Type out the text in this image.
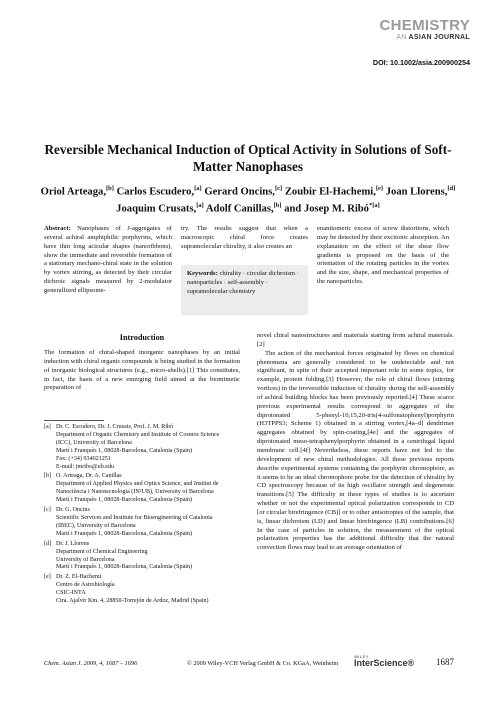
CHEMISTRY
AN ASIAN JOURNAL
DOI: 10.1002/asia.200900254
Reversible Mechanical Induction of Optical Activity in Solutions of Soft-Matter Nanophases
Oriol Arteaga,[b] Carlos Escudero,[a] Gerard Oncins,[c] Zoubir El-Hachemi,[e] Joan Llorens,[d] Joaquim Crusats,[a] Adolf Canillas,[b] and Josep M. Ribó$^{*[a]}$
Abstract: Nanophases of J-aggregates of several achiral amphiphilic porphyrins, which have thin long acicular shapes (nanoribbons), show the immediate and reversible formation of a stationary mechano-chiral state in the solution by vortex stirring, as detected by their circular dichroic signals measured by 2-modulator generallized ellipsome-
try. The results suggest that when a macroscopic chiral force creates supramolecular chirality, it also creates an
Keywords: chirality · circular dichroism · nanoparticles · self-assembly · supramolecular chemistry
enantiomeric excess of screw distortions, which may be detected by their excitonic absorption. An explanation on the effect of the shear flow gradients is proposed on the basis of the orientation of the rotating particles in the vortex and the size, shape, and mechanical properties of the nanoparticles.
Introduction

The formation of chiral-shaped inorganic nanophases by an initial induction with chiral organic compounds is being studied in the formation of inorganic biological structures (e.g., micro-shells).[1] This constitutes, in fact, the basis of a new emerging field aimed at the biomimetic preparation of

novel chiral nanostructures and materials starting from achiral materials.[2]

The action of the mechanical forces originated by flows on chemical phenomena are generally considered to be undetectable and not significant, in spite of their accepted important role in some topics, for example, protein folding.[3] However, the role of chiral flows (stirring vortices) in the irreversible induction of chirality during the self-assembly of achiral building blocks has been previously reported.[4] These scarce previous experimental results correspond to aggregates of the diprotonated 5-phenyl-10,15,20-tris(4-sulfonatophenyl)porphyrin (H3TPPS3; Scheme 1) obtained in a stirring vortex,[4a–d] dendrimer aggregates obtained by spin-coating,[4e] and the aggregates of diprotonated meso-tetraphenylporphyrin obtained in a centrifugal liquid membrane cell.[4f] Nevertheless, these reports have not led to the development of new chiral methodologies. All these previous reports describe experimental systems containing the porphyrin chromophore, as it seems to be an ideal chromophore probe for the detection of chirality by CD spectroscopy because of its high oscillator strength and degenerate transitions.[5] The difficulty in these types of studies is to ascertain whether or not the experimental optical polarization corresponds to CD [or circular birefringence (CB)] or to other anisotropies of the sample, that is, linear dichroism (LD) and linear birefringence (LB) contributions.[6] In the case of particles in solution, the measurement of the optical polarization properties has the additional difficulty that the natural convection flows may lead to an average orientation of

[a] Dr. C. Escudero, Dr. J. Crusats, Prof. J. M. Ribó
Department of Organic Chemistry and Institute of Cosmos Science
(ICC), University of Barcelona
Martí i Franquès 1, 08028-Barcelona, Catalonia (Spain)
Fax: (+34) 934021251
E-mail: jmribo@ub.edu
[b] O. Arteaga, Dr. A. Canillas
Department of Applied Physics and Optics Science, and Institut de
Nanociència i Nanotecnologia (IN²UB), University of Barcelona
Martí i Franquès 1, 08028-Barcelona, Catalonia (Spain)
[c] Dr. G. Oncins
Scientific Services and Institute for Bioengineering of Catalonia
(IBEC), University of Barcelona
Martí i Franquès 1, 08028-Barcelona, Catalonia (Spain)
[d] Dr. J. Llorens
Department of Chemical Engineering
University of Barcelona
Martí i Franquès 1, 08028-Barcelona, Catalonia (Spain)
[e] Dr. Z. El-Hachemi
Centro de Astrobiología
CSIC-INTA
Ctra. Ajalvir Km. 4, 28850-Torrejón de Ardoz, Madrid (Spain)
Chem. Asian J. 2009, 4, 1687 – 1696	© 2009 Wiley-VCH Verlag GmbH & Co. KGaA, Weinheim
WILEY
InterScience® 1687
